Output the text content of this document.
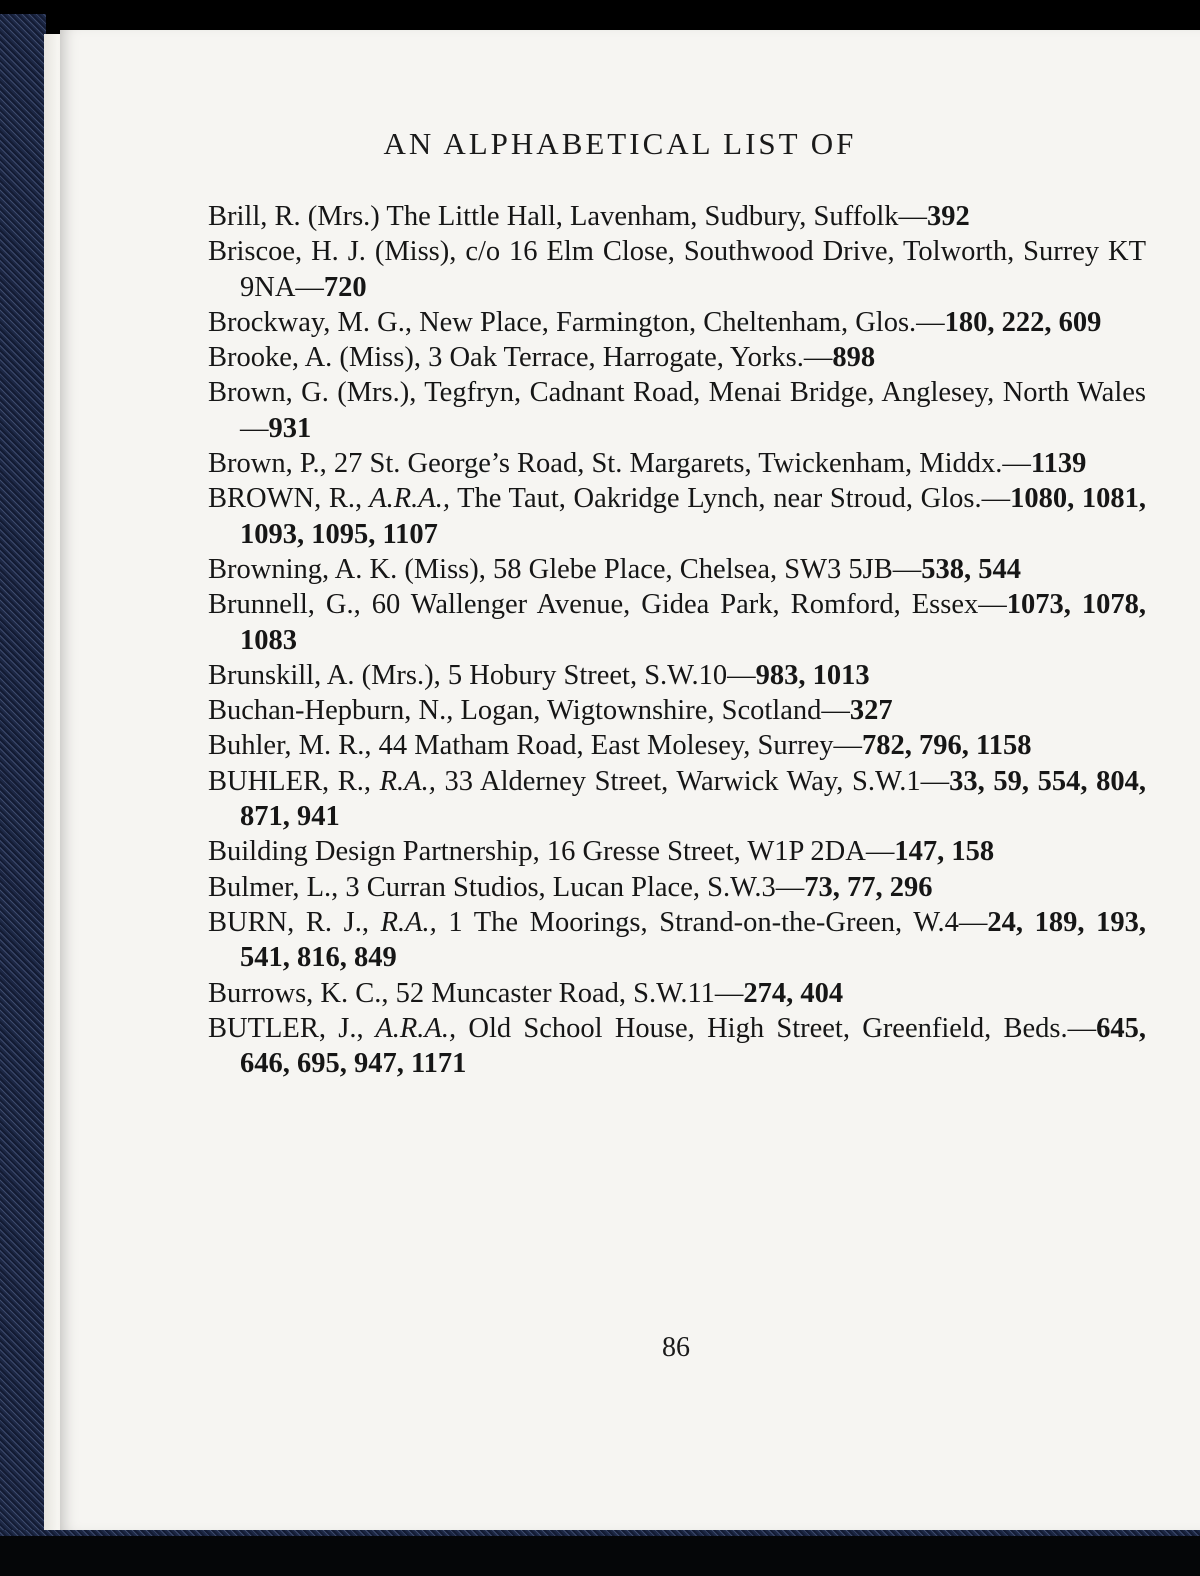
AN ALPHABETICAL LIST OF
Brill, R. (Mrs.) The Little Hall, Lavenham, Sudbury, Suffolk—392
Briscoe, H. J. (Miss), c/o 16 Elm Close, Southwood Drive, Tolworth, Surrey KT 9NA—720
Brockway, M. G., New Place, Farmington, Cheltenham, Glos.—180, 222, 609
Brooke, A. (Miss), 3 Oak Terrace, Harrogate, Yorks.—898
Brown, G. (Mrs.), Tegfryn, Cadnant Road, Menai Bridge, Anglesey, North Wales—931
Brown, P., 27 St. George’s Road, St. Margarets, Twickenham, Middx.—1139
BROWN, R., A.R.A., The Taut, Oakridge Lynch, near Stroud, Glos.—1080, 1081, 1093, 1095, 1107
Browning, A. K. (Miss), 58 Glebe Place, Chelsea, SW3 5JB—538, 544
Brunnell, G., 60 Wallenger Avenue, Gidea Park, Romford, Essex—1073, 1078, 1083
Brunskill, A. (Mrs.), 5 Hobury Street, S.W.10—983, 1013
Buchan-Hepburn, N., Logan, Wigtownshire, Scotland—327
Buhler, M. R., 44 Matham Road, East Molesey, Surrey—782, 796, 1158
BUHLER, R., R.A., 33 Alderney Street, Warwick Way, S.W.1—33, 59, 554, 804, 871, 941
Building Design Partnership, 16 Gresse Street, W1P 2DA—147, 158
Bulmer, L., 3 Curran Studios, Lucan Place, S.W.3—73, 77, 296
BURN, R. J., R.A., 1 The Moorings, Strand-on-the-Green, W.4—24, 189, 193, 541, 816, 849
Burrows, K. C., 52 Muncaster Road, S.W.11—274, 404
BUTLER, J., A.R.A., Old School House, High Street, Greenfield, Beds.—645, 646, 695, 947, 1171
86
